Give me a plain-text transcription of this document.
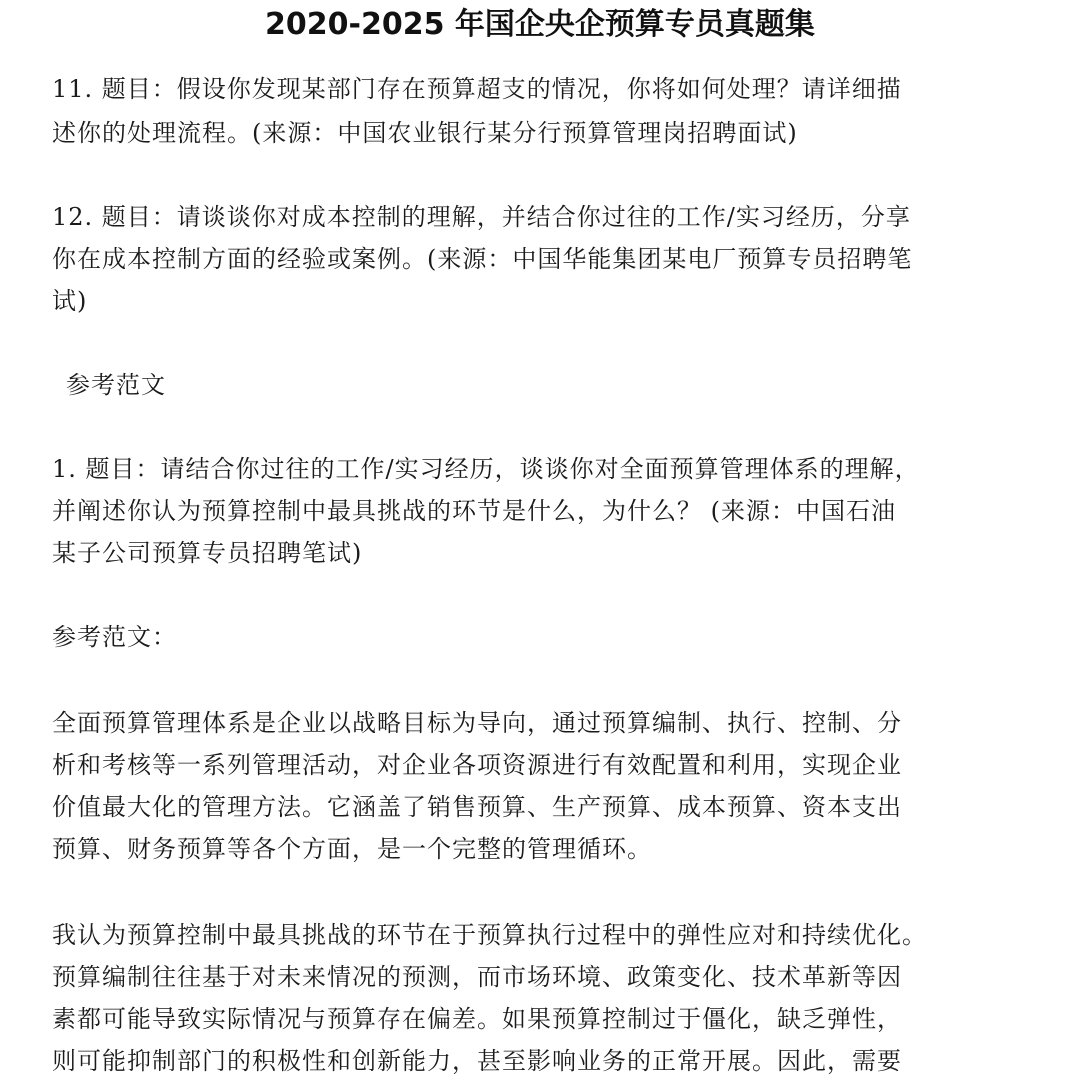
2020-2025 年国企央企预算专员真题集
11. 题目：假设你发现某部门存在预算超支的情况，你将如何处理？请详细描
述你的处理流程。(来源：中国农业银行某分行预算管理岗招聘面试)
12. 题目：请谈谈你对成本控制的理解，并结合你过往的工作/实习经历，分享
你在成本控制方面的经验或案例。(来源：中国华能集团某电厂预算专员招聘笔
试)
参考范文
1. 题目：请结合你过往的工作/实习经历，谈谈你对全面预算管理体系的理解，
并阐述你认为预算控制中最具挑战的环节是什么，为什么？ (来源：中国石油
某子公司预算专员招聘笔试)
参考范文：
全面预算管理体系是企业以战略目标为导向，通过预算编制、执行、控制、分
析和考核等一系列管理活动，对企业各项资源进行有效配置和利用，实现企业
价值最大化的管理方法。它涵盖了销售预算、生产预算、成本预算、资本支出
预算、财务预算等各个方面，是一个完整的管理循环。
我认为预算控制中最具挑战的环节在于预算执行过程中的弹性应对和持续优化。
预算编制往往基于对未来情况的预测，而市场环境、政策变化、技术革新等因
素都可能导致实际情况与预算存在偏差。如果预算控制过于僵化，缺乏弹性，
则可能抑制部门的积极性和创新能力，甚至影响业务的正常开展。因此，需要
